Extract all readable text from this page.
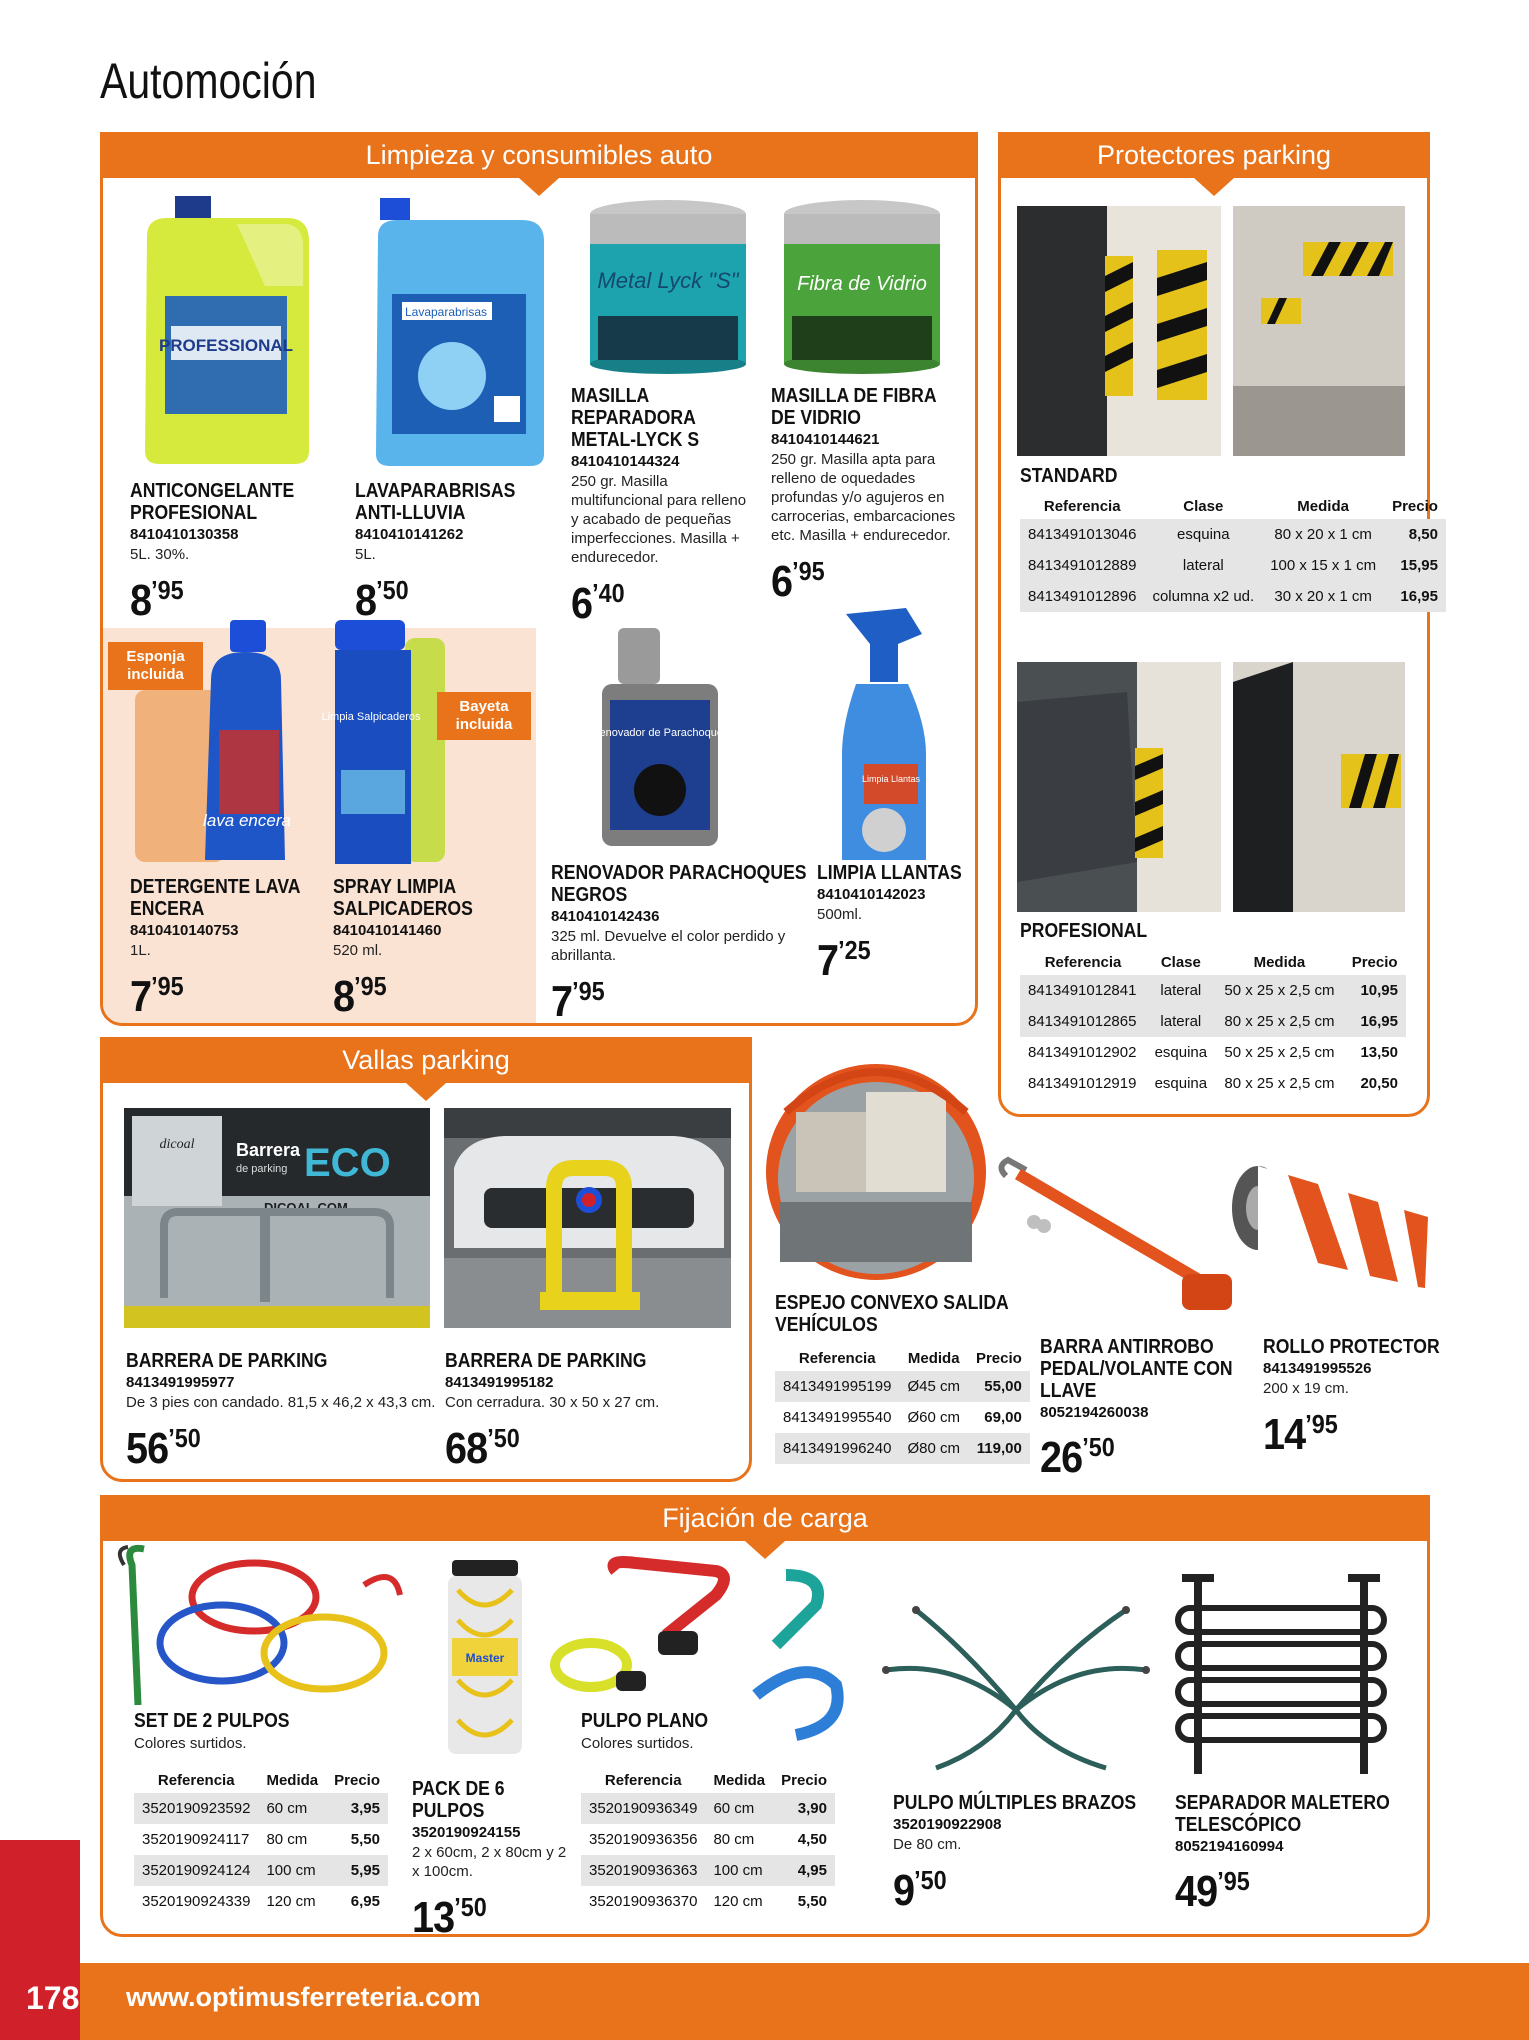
Automoción
Limpieza y consumibles auto
PROFESSIONAL
Lavaparabrisas
Metal Lyck "S"	Fibra de Vidrio
lava encera
Limpia Salpicaderos
Renovador de Parachoques
Limpia Llantas
Esponja incluida
Bayeta incluida
ANTICONGELANTE
PROFESIONAL
8410410130358
5L. 30%.
$8^{’95}$
LAVAPARABRISAS
ANTI-LLUVIA
8410410141262
5L.
$8^{’50}$
MASILLA
REPARADORA
METAL-LYCK S
8410410144324
250 gr. Masilla multifuncional para relleno y acabado de pequeñas imperfecciones. Masilla + endurecedor.
$6^{’40}$
MASILLA DE FIBRA
DE VIDRIO
8410410144621
250 gr. Masilla apta para relleno de oquedades profundas y/o agujeros en carrocerias, embarcaciones etc. Masilla + endurecedor.
$6^{’95}$
DETERGENTE LAVA
ENCERA
8410410140753
1L.
$7^{’95}$
SPRAY LIMPIA
SALPICADEROS
8410410141460
520 ml.
$8^{’95}$
RENOVADOR PARACHOQUES
NEGROS
8410410142436
325 ml. Devuelve el color perdido y abrillanta.
$7^{’95}$
LIMPIA LLANTAS
8410410142023
500ml.
$7^{’25}$
Protectores parking
STANDARD
Referencia	Clase	Medida	Precio
8413491013046	esquina	80 x 20 x 1 cm	8,50
8413491012889	lateral	100 x 15 x 1 cm	15,95
8413491012896	columna x2 ud.	30 x 20 x 1 cm	16,95
PROFESIONAL
Referencia	Clase	Medida	Precio
8413491012841	lateral	50 x 25 x 2,5 cm	10,95
8413491012865	lateral	80 x 25 x 2,5 cm	16,95
8413491012902	esquina	50 x 25 x 2,5 cm	13,50
8413491012919	esquina	80 x 25 x 2,5 cm	20,50
Vallas parking
dicoal Barrera
de parking ECO
DICOAL.COM
BARRERA DE PARKING
8413491995977
De 3 pies con candado. 81,5 x 46,2 x 43,3 cm.
$56^{’50}$
BARRERA DE PARKING
8413491995182
Con cerradura. 30 x 50 x 27 cm.
$68^{’50}$
ESPEJO CONVEXO SALIDA
VEHÍCULOS
Referencia	Medida	Precio
8413491995199	Ø45 cm	55,00
8413491995540	Ø60 cm	69,00
8413491996240	Ø80 cm	119,00
BARRA ANTIRROBO
PEDAL/VOLANTE CON
LLAVE
8052194260038
$26^{’50}$
ROLLO PROTECTOR
8413491995526
200 x 19 cm.
$14^{’95}$
Fijación de carga
Master
SET DE 2 PULPOS
Colores surtidos.
Referencia	Medida	Precio
3520190923592	60 cm	3,95
3520190924117	80 cm	5,50
3520190924124	100 cm	5,95
3520190924339	120 cm	6,95
PACK DE 6
PULPOS
3520190924155
2 x 60cm, 2 x 80cm y 2 x 100cm.
$13^{’50}$
PULPO PLANO
Colores surtidos.
Referencia	Medida	Precio
3520190936349	60 cm	3,90
3520190936356	80 cm	4,50
3520190936363	100 cm	4,95
3520190936370	120 cm	5,50
PULPO MÚLTIPLES BRAZOS
3520190922908
De 80 cm.
$9^{’50}$
SEPARADOR MALETERO
TELESCÓPICO
8052194160994
$49^{’95}$
178 www.optimusferreteria.com
